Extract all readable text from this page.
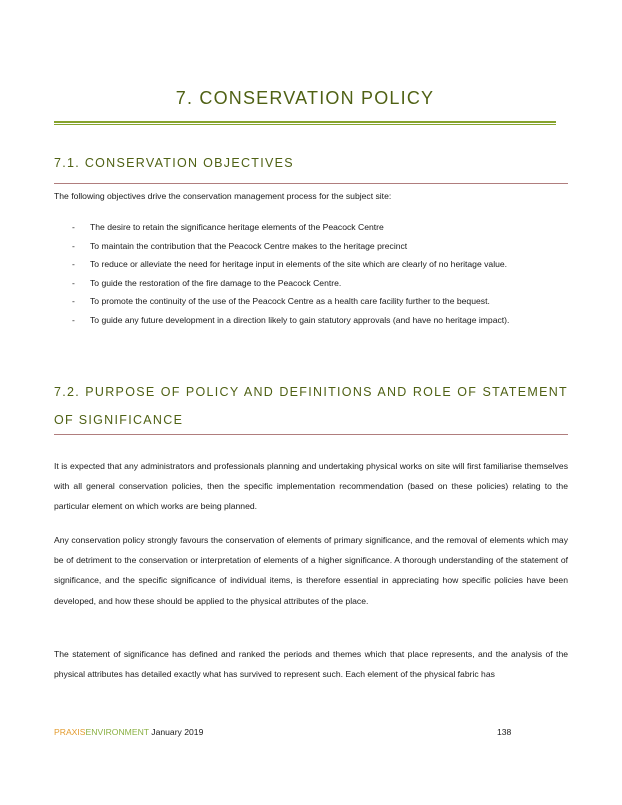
7. CONSERVATION POLICY
7.1. CONSERVATION OBJECTIVES
The following objectives drive the conservation management process for the subject site:
- The desire to retain the significance heritage elements of the Peacock Centre
- To maintain the contribution that the Peacock Centre makes to the heritage precinct
- To reduce or alleviate the need for heritage input in elements of the site which are clearly of no heritage value.
- To guide the restoration of the fire damage to the Peacock Centre.
- To promote the continuity of the use of the Peacock Centre as a health care facility further to the bequest.
- To guide any future development in a direction likely to gain statutory approvals (and have no heritage impact).
7.2. PURPOSE OF POLICY AND DEFINITIONS AND ROLE OF STATEMENT OF SIGNIFICANCE

It is expected that any administrators and professionals planning and undertaking physical works on site will first familiarise themselves with all general conservation policies, then the specific implementation recommendation (based on these policies) relating to the particular element on which works are being planned.

Any conservation policy strongly favours the conservation of elements of primary significance, and the removal of elements which may be of detriment to the conservation or interpretation of elements of a higher significance. A thorough understanding of the statement of significance, and the specific significance of individual items, is therefore essential in appreciating how specific policies have been developed, and how these should be applied to the physical attributes of the place.

The statement of significance has defined and ranked the periods and themes which that place represents, and the analysis of the physical attributes has detailed exactly what has survived to represent such. Each element of the physical fabric has

PRAXISENVIRONMENT January 2019	138
